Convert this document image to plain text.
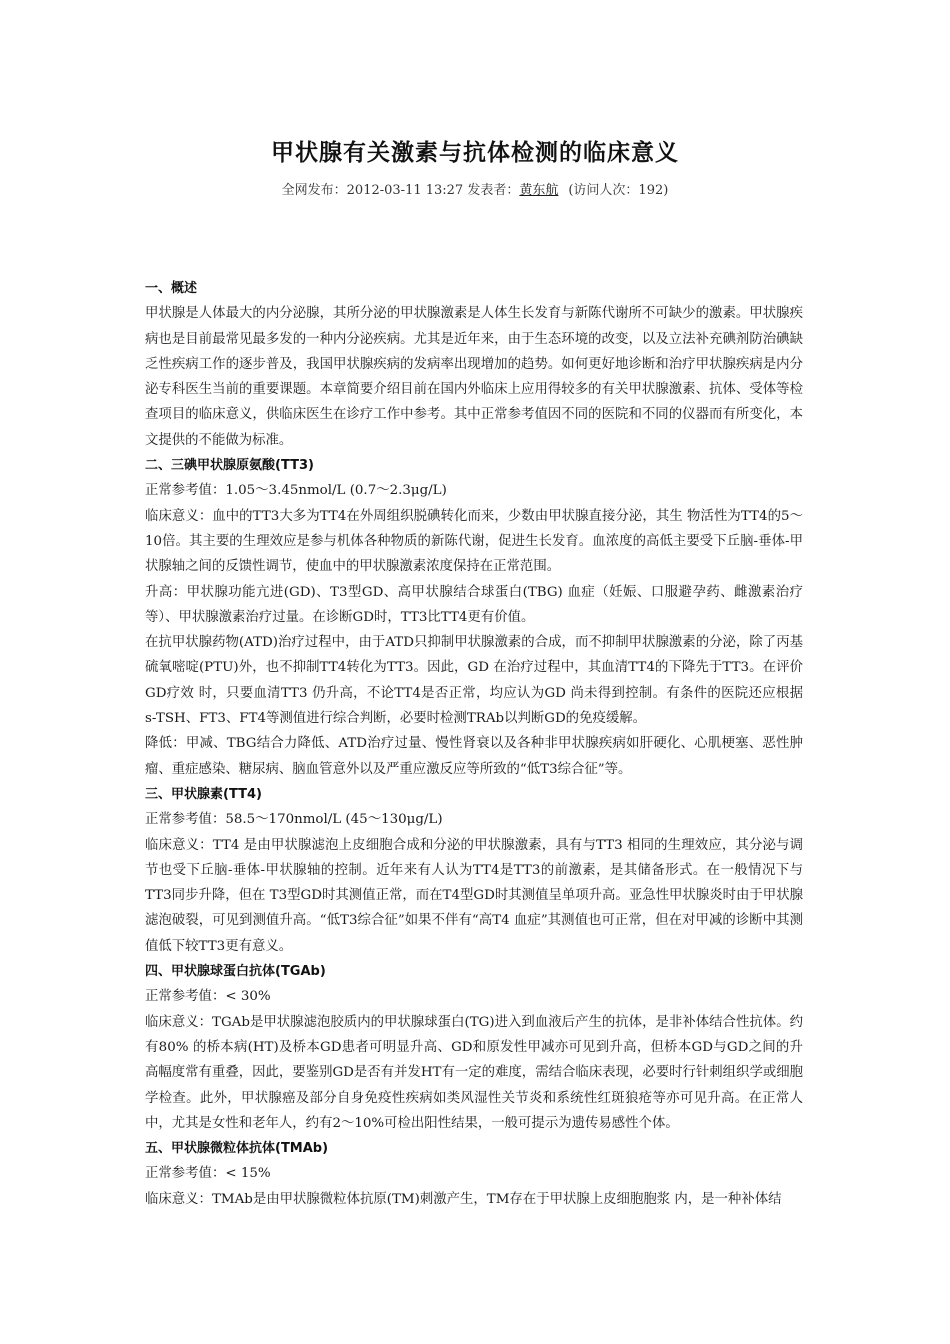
甲状腺有关激素与抗体检测的临床意义
全网发布：2012-03-11 13:27 发表者：黄东航 (访问人次：192)
一、概述

甲状腺是人体最大的内分泌腺，其所分泌的甲状腺激素是人体生长发育与新陈代谢所不可缺少的激素。甲状腺疾病也是目前最常见最多发的一种内分泌疾病。尤其是近年来，由于生态环境的改变，以及立法补充碘剂防治碘缺乏性疾病工作的逐步普及，我国甲状腺疾病的发病率出现增加的趋势。如何更好地诊断和治疗甲状腺疾病是内分泌专科医生当前的重要课题。本章简要介绍目前在国内外临床上应用得较多的有关甲状腺激素、抗体、受体等检查项目的临床意义，供临床医生在诊疗工作中参考。其中正常参考值因不同的医院和不同的仪器而有所变化，本文提供的不能做为标准。

二、三碘甲状腺原氨酸(TT3)

正常参考值：1.05～3.45nmol/L (0.7～2.3μg/L)

临床意义：血中的TT3大多为TT4在外周组织脱碘转化而来，少数由甲状腺直接分泌，其生 物活性为TT4的5～10倍。其主要的生理效应是参与机体各种物质的新陈代谢，促进生长发育。血浓度的高低主要受下丘脑-垂体-甲状腺轴之间的反馈性调节，使血中的甲状腺激素浓度保持在正常范围。

升高：甲状腺功能亢进(GD)、T3型GD、高甲状腺结合球蛋白(TBG) 血症（妊娠、口服避孕药、雌激素治疗等）、甲状腺激素治疗过量。在诊断GD时，TT3比TT4更有价值。

在抗甲状腺药物(ATD)治疗过程中，由于ATD只抑制甲状腺激素的合成，而不抑制甲状腺激素的分泌，除了丙基硫氧嘧啶(PTU)外，也不抑制TT4转化为TT3。因此，GD 在治疗过程中，其血清TT4的下降先于TT3。在评价GD疗效 时，只要血清TT3 仍升高，不论TT4是否正常，均应认为GD 尚未得到控制。有条件的医院还应根据 s-TSH、FT3、FT4等测值进行综合判断，必要时检测TRAb以判断GD的免疫缓解。

降低：甲减、TBG结合力降低、ATD治疗过量、慢性肾衰以及各种非甲状腺疾病如肝硬化、心肌梗塞、恶性肿瘤、重症感染、糖尿病、脑血管意外以及严重应激反应等所致的“低T3综合征”等。

三、甲状腺素(TT4)

正常参考值：58.5～170nmol/L (45～130μg/L)

临床意义：TT4 是由甲状腺滤泡上皮细胞合成和分泌的甲状腺激素，具有与TT3 相同的生理效应，其分泌与调节也受下丘脑-垂体-甲状腺轴的控制。近年来有人认为TT4是TT3的前激素，是其储备形式。在一般情况下与TT3同步升降，但在 T3型GD时其测值正常，而在T4型GD时其测值呈单项升高。亚急性甲状腺炎时由于甲状腺滤泡破裂，可见到测值升高。“低T3综合征”如果不伴有“高T4 血症”其测值也可正常，但在对甲减的诊断中其测值低下较TT3更有意义。

四、甲状腺球蛋白抗体(TGAb)

正常参考值：< 30%

临床意义：TGAb是甲状腺滤泡胶质内的甲状腺球蛋白(TG)进入到血液后产生的抗体，是非补体结合性抗体。约有80% 的桥本病(HT)及桥本GD患者可明显升高、GD和原发性甲减亦可见到升高，但桥本GD与GD之间的升高幅度常有重叠，因此，要鉴别GD是否有并发HT有一定的难度，需结合临床表现，必要时行针刺组织学或细胞学检查。此外，甲状腺癌及部分自身免疫性疾病如类风湿性关节炎和系统性红斑狼疮等亦可见升高。在正常人中，尤其是女性和老年人，约有2～10%可检出阳性结果，一般可提示为遗传易感性个体。

五、甲状腺微粒体抗体(TMAb)

正常参考值：< 15%

临床意义：TMAb是由甲状腺微粒体抗原(TM)刺激产生，TM存在于甲状腺上皮细胞胞浆 内，是一种补体结
